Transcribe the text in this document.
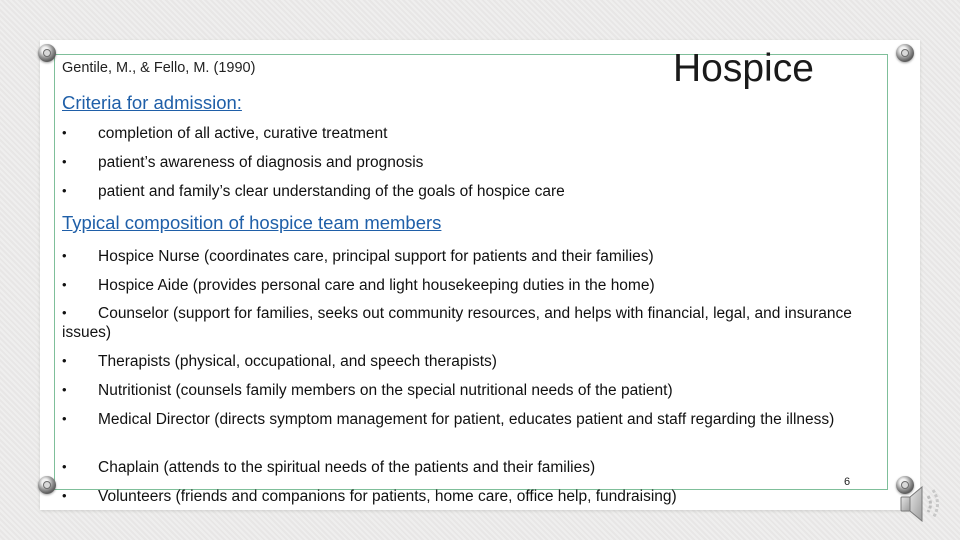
Gentile, M., & Fello, M. (1990)	Hospice
Criteria for admission:
• completion of all active, curative treatment
• patient’s awareness of diagnosis and prognosis
• patient and family’s clear understanding of the goals of hospice care
Typical composition of hospice team members
• Hospice Nurse (coordinates care, principal support for patients and their families)
• Hospice Aide (provides personal care and light housekeeping duties in the home)
• Counselor (support for families, seeks out community resources, and helps with financial, legal, and insurance issues)
• Therapists (physical, occupational, and speech therapists)
• Nutritionist (counsels family members on the special nutritional needs of the patient)
• Medical Director (directs symptom management for patient, educates patient and staff regarding the illness)
• Chaplain (attends to the spiritual needs of the patients and their families)
• Volunteers (friends and companions for patients, home care, office help, fundraising)
6
